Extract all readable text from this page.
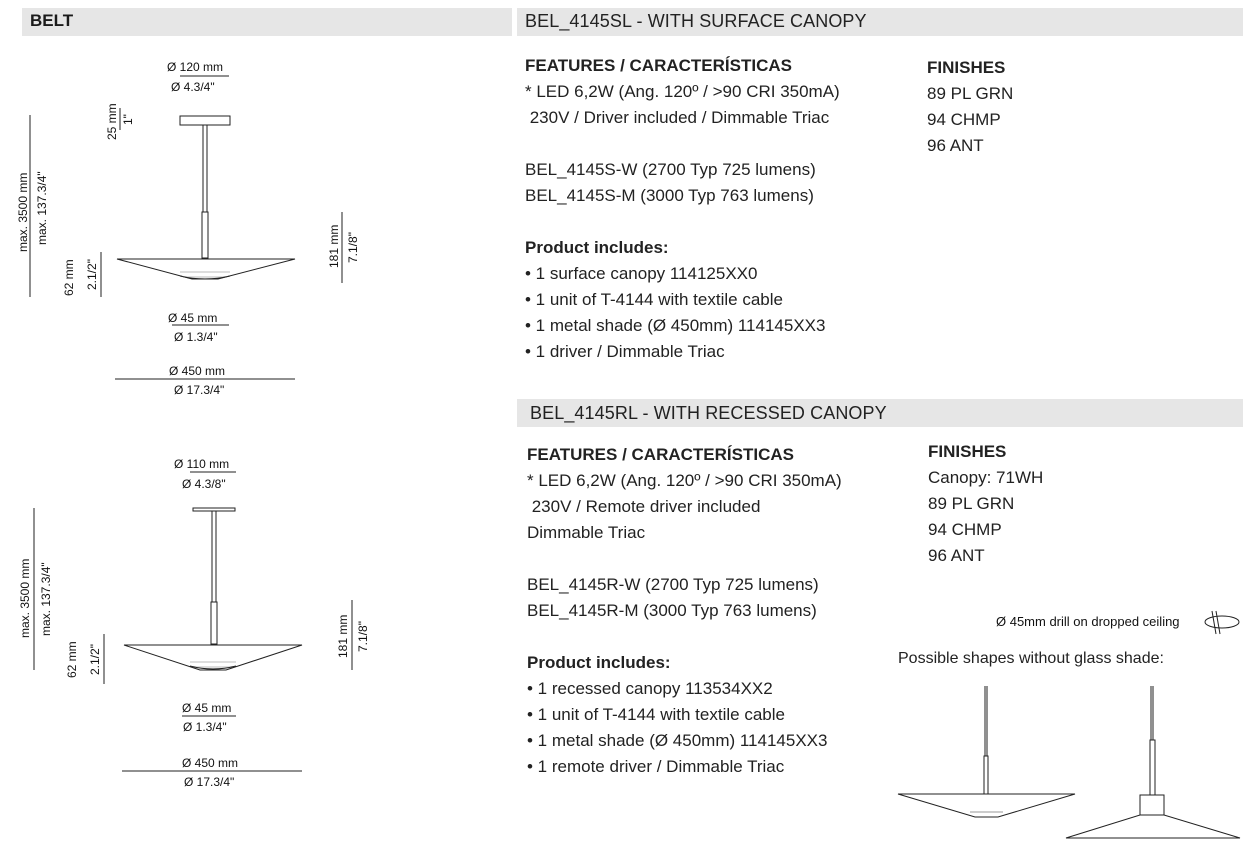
BELT	BEL_4145SL - WITH SURFACE CANOPY
BEL_4145RL - WITH RECESSED CANOPY
FEATURES / CARACTERÍSTICAS
* LED 6,2W (Ang. 120º / >90 CRI 350mA)
230V / Driver included / Dimmable Triac
BEL_4145S-W (2700 Typ 725 lumens)
BEL_4145S-M (3000 Typ 763 lumens)
Product includes:
• 1 surface canopy 114125XX0
• 1 unit of T-4144 with textile cable
• 1 metal shade (Ø 450mm) 114145XX3
• 1 driver / Dimmable Triac
FINISHES
89 PL GRN
94 CHMP
96 ANT
FEATURES / CARACTERÍSTICAS
* LED 6,2W (Ang. 120º / >90 CRI 350mA)
230V / Remote driver included
Dimmable Triac
BEL_4145R-W (2700 Typ 725 lumens)
BEL_4145R-M (3000 Typ 763 lumens)
Product includes:
• 1 recessed canopy 113534XX2
• 1 unit of T-4144 with textile cable
• 1 metal shade (Ø 450mm) 114145XX3
• 1 remote driver / Dimmable Triac
FINISHES
Canopy: 71WH
89 PL GRN
94 CHMP
96 ANT
Ø 45mm drill on dropped ceiling
Possible shapes without glass shade:
Ø 120 mm
Ø 4.3/4"
25 mm 1"
max. 3500 mm max. 137.3/4"
181 mm 7.1/8"
62 mm 2.1/2"
Ø 45 mm
Ø 1.3/4"
Ø 450 mm
Ø 17.3/4"
Ø 110 mm
Ø 4.3/8"
max. 3500 mm max. 137.3/4"
181 mm 7.1/8"
62 mm 2.1/2"
Ø 45 mm
Ø 1.3/4"
Ø 450 mm
Ø 17.3/4"
